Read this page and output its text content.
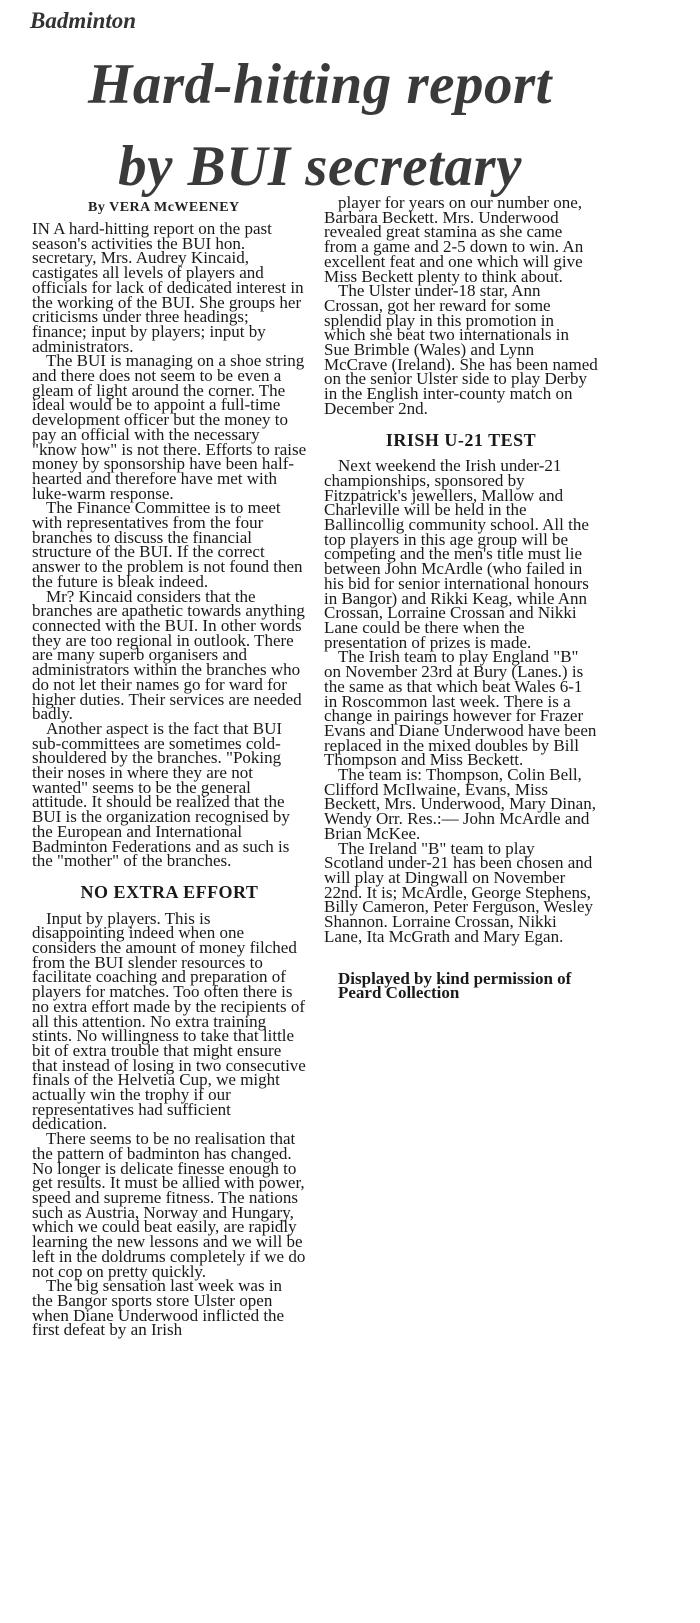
Badminton
Hard-hitting report
by BUI secretary
By VERA McWEENEY

IN A hard-hitting report on the past season's activities the BUI hon. secretary, Mrs. Audrey Kincaid, castigates all levels of players and officials for lack of dedicated interest in the working of the BUI. She groups her criticisms under three headings; finance; input by players; input by administrators.

The BUI is managing on a shoe string and there does not seem to be even a gleam of light around the corner. The ideal would be to appoint a full-time development officer but the money to pay an official with the necessary "know how" is not there. Efforts to raise money by sponsorship have been half-hearted and therefore have met with luke-warm response.

The Finance Committee is to meet with representatives from the four branches to discuss the financial structure of the BUI. If the correct answer to the problem is not found then the future is bleak indeed.

Mr? Kincaid considers that the branches are apathetic towards anything connected with the BUI. In other words they are too regional in outlook. There are many superb organisers and administrators within the branches who do not let their names go for ward for higher duties. Their services are needed badly.

Another aspect is the fact that BUI sub-committees are sometimes cold-shouldered by the branches. "Poking their noses in where they are not wanted" seems to be the general attitude. It should be realized that the BUI is the organization recognised by the European and International Badminton Federations and as such is the "mother" of the branches.

NO EXTRA EFFORT

Input by players. This is disappointing indeed when one considers the amount of money filched from the BUI slender resources to facilitate coaching and preparation of players for matches. Too often there is no extra effort made by the recipients of all this attention. No extra training stints. No willingness to take that little bit of extra trouble that might ensure that instead of losing in two consecutive finals of the Helvetia Cup, we might actually win the trophy if our representatives had sufficient dedication.

There seems to be no realisation that the pattern of badminton has changed. No longer is delicate finesse enough to get results. It must be allied with power, speed and supreme fitness. The nations such as Austria, Norway and Hungary, which we could beat easily, are rapidly learning the new lessons and we will be left in the doldrums completely if we do not cop on pretty quickly.

The big sensation last week was in the Bangor sports store Ulster open when Diane Underwood inflicted the first defeat by an Irish

player for years on our number one, Barbara Beckett. Mrs. Underwood revealed great stamina as she came from a game and 2-5 down to win. An excellent feat and one which will give Miss Beckett plenty to think about.

The Ulster under-18 star, Ann Crossan, got her reward for some splendid play in this promotion in which she beat two internationals in Sue Brimble (Wales) and Lynn McCrave (Ireland). She has been named on the senior Ulster side to play Derby in the English inter-county match on December 2nd.

IRISH U-21 TEST

Next weekend the Irish under-21 championships, sponsored by Fitzpatrick's jewellers, Mallow and Charleville will be held in the Ballincollig community school. All the top players in this age group will be competing and the men's title must lie between John McArdle (who failed in his bid for senior international honours in Bangor) and Rikki Keag, while Ann Crossan, Lorraine Crossan and Nikki Lane could be there when the presentation of prizes is made.

The Irish team to play England "B" on November 23rd at Bury (Lanes.) is the same as that which beat Wales 6-1 in Roscommon last week. There is a change in pairings however for Frazer Evans and Diane Underwood have been replaced in the mixed doubles by Bill Thompson and Miss Beckett.

The team is: Thompson, Colin Bell, Clifford McIlwaine, Evans, Miss Beckett, Mrs. Underwood, Mary Dinan, Wendy Orr. Res.:— John McArdle and Brian McKee.

The Ireland "B" team to play Scotland under-21 has been chosen and will play at Dingwall on November 22nd. It is; McArdle, George Stephens, Billy Cameron, Peter Ferguson, Wesley Shannon. Lorraine Crossan, Nikki Lane, Ita McGrath and Mary Egan.

Displayed by kind permission of Peard Collection
